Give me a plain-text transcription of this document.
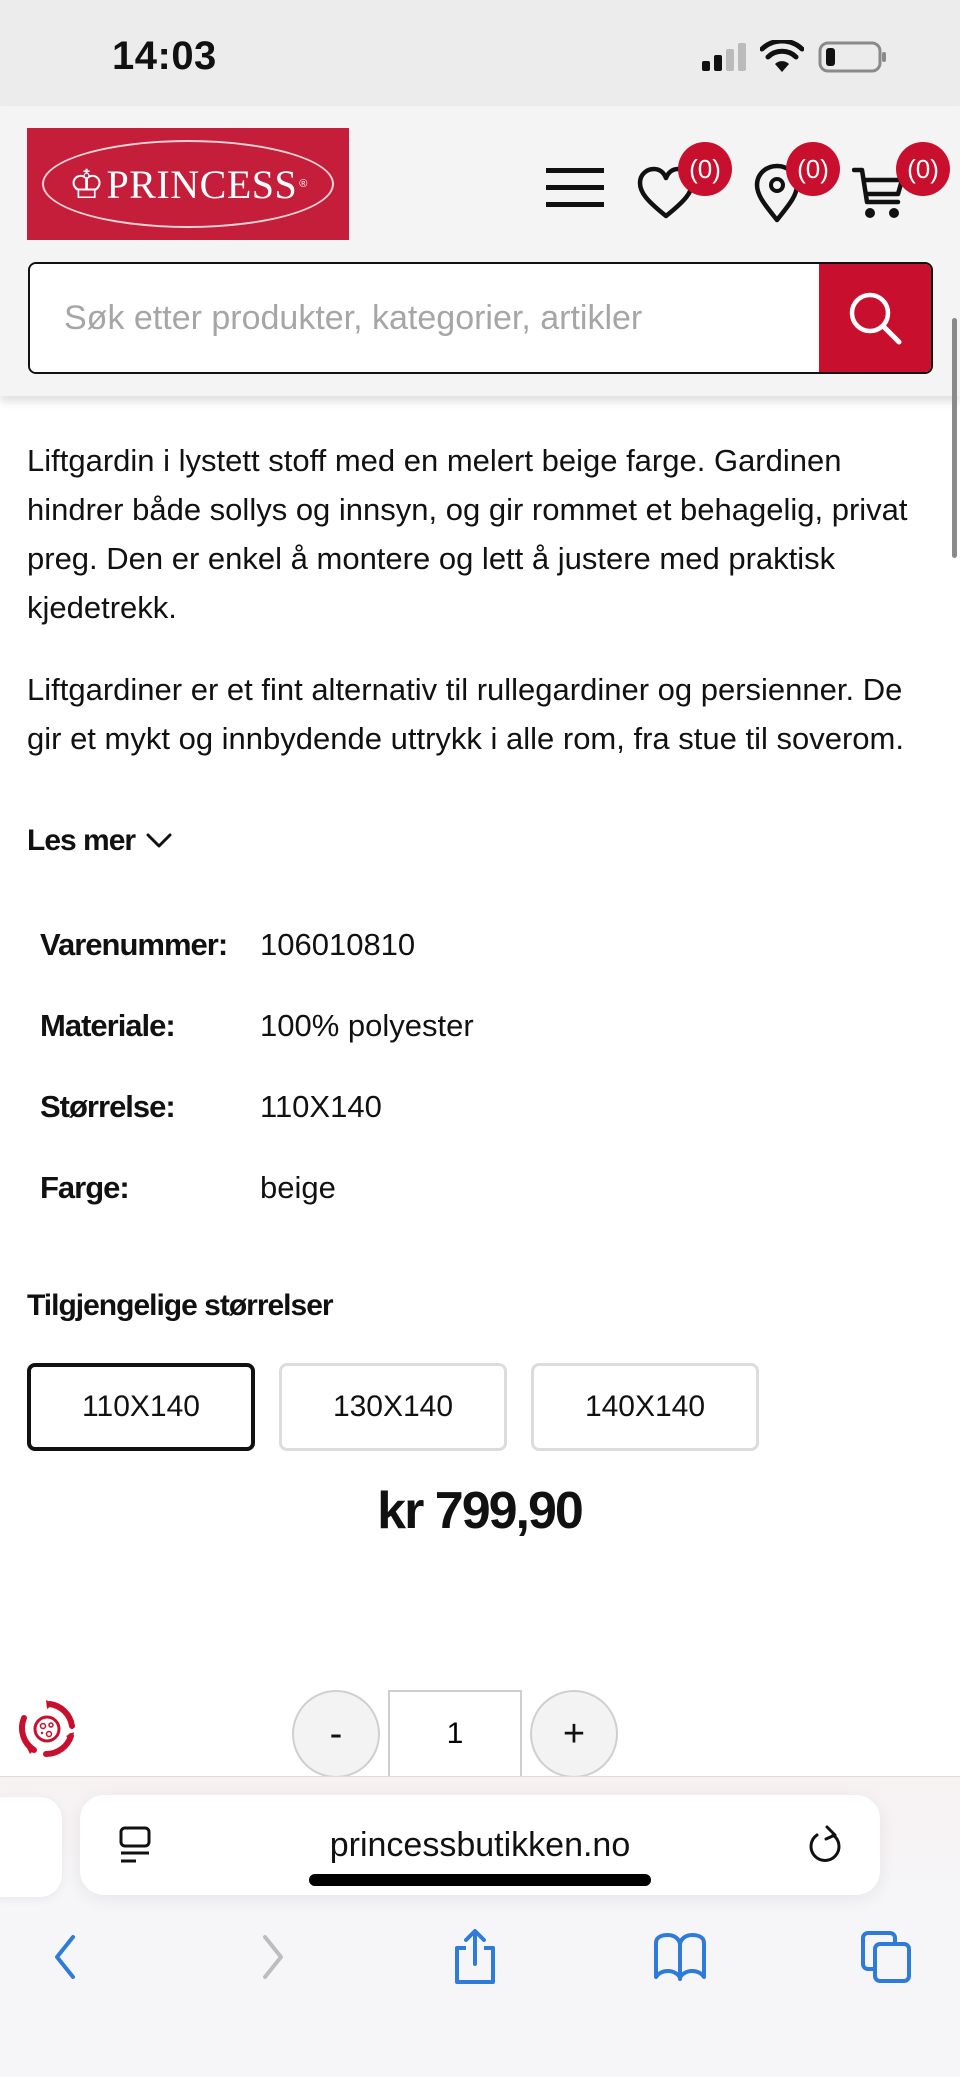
14:03
♔ PRINCESS ®
(0)	(0)	(0)
Søk etter produkter, kategorier, artikler

Liftgardin i lystett stoff med en melert beige farge. Gardinen hindrer både sollys og innsyn, og gir rommet et behagelig, privat preg. Den er enkel å montere og lett å justere med praktisk kjedetrekk.

Liftgardiner er et fint alternativ til rullegardiner og persienner. De gir et mykt og innbydende uttrykk i alle rom, fra stue til soverom.

Les mer
Varenummer:	106010810
Materiale:	100% polyester
Størrelse:	110X140
Farge:	beige
Tilgjengelige størrelser
110X140	130X140	140X140
kr 799,90
-
1	+
princessbutikken.no
